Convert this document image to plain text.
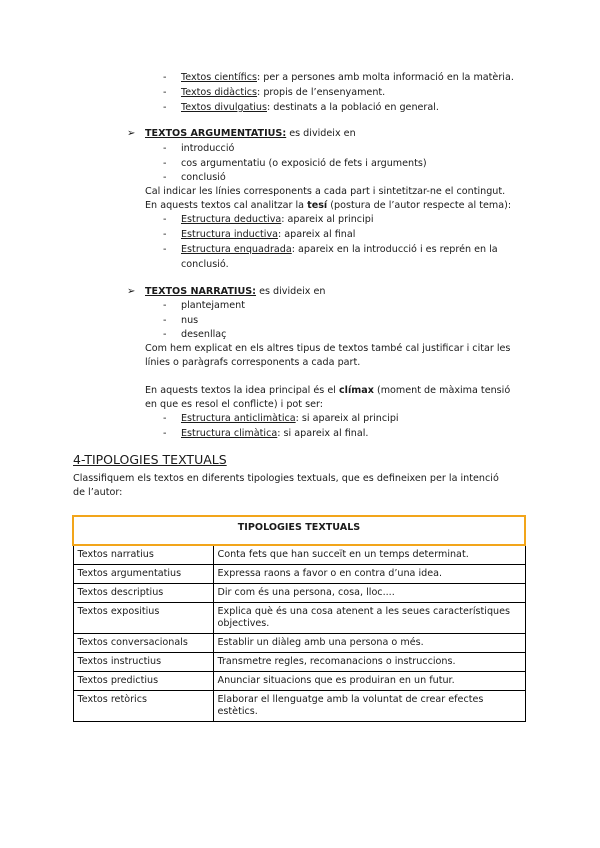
- Textos científics: per a persones amb molta informació en la matèria.
- Textos didàctics: propis de l’ensenyament.
- Textos divulgatius: destinats a la població en general.
➢ TEXTOS ARGUMENTATIUS: es divideix en
- introducció
- cos argumentatiu (o exposició de fets i arguments)
- conclusió
Cal indicar les línies corresponents a cada part i sintetitzar-ne el contingut.
En aquests textos cal analitzar la tesí (postura de l’autor respecte al tema):
- Estructura deductiva: apareix al principi
- Estructura inductiva: apareix al final
- Estructura enquadrada: apareix en la introducció i es reprén en la
conclusió.
➢ TEXTOS NARRATIUS: es divideix en
- plantejament
- nus
- desenllaç
Com hem explicat en els altres tipus de textos també cal justificar i citar les
línies o paràgrafs corresponents a cada part.
En aquests textos la idea principal és el clímax (moment de màxima tensió
en que es resol el conflicte) i pot ser:
- Estructura anticlimàtica: si apareix al principi
- Estructura climàtica: si apareix al final.
4-TIPOLOGIES TEXTUALS
Classifiquem els textos en diferents tipologies textuals, que es defineixen per la intenció
de l’autor:
TIPOLOGIES TEXTUALS	
Textos narratius	Conta fets que han succeït en un temps determinat.
Textos argumentatius	Expressa raons a favor o en contra d’una idea.
Textos descriptius	Dir com és una persona, cosa, lloc....
Textos expositius	Explica què és una cosa atenent a les seues característiques objectives.
Textos conversacionals	Establir un diàleg amb una persona o més.
Textos instructius	Transmetre regles, recomanacions o instruccions.
Textos predictius	Anunciar situacions que es produiran en un futur.
Textos retòrics	Elaborar el llenguatge amb la voluntat de crear efectes estètics.
